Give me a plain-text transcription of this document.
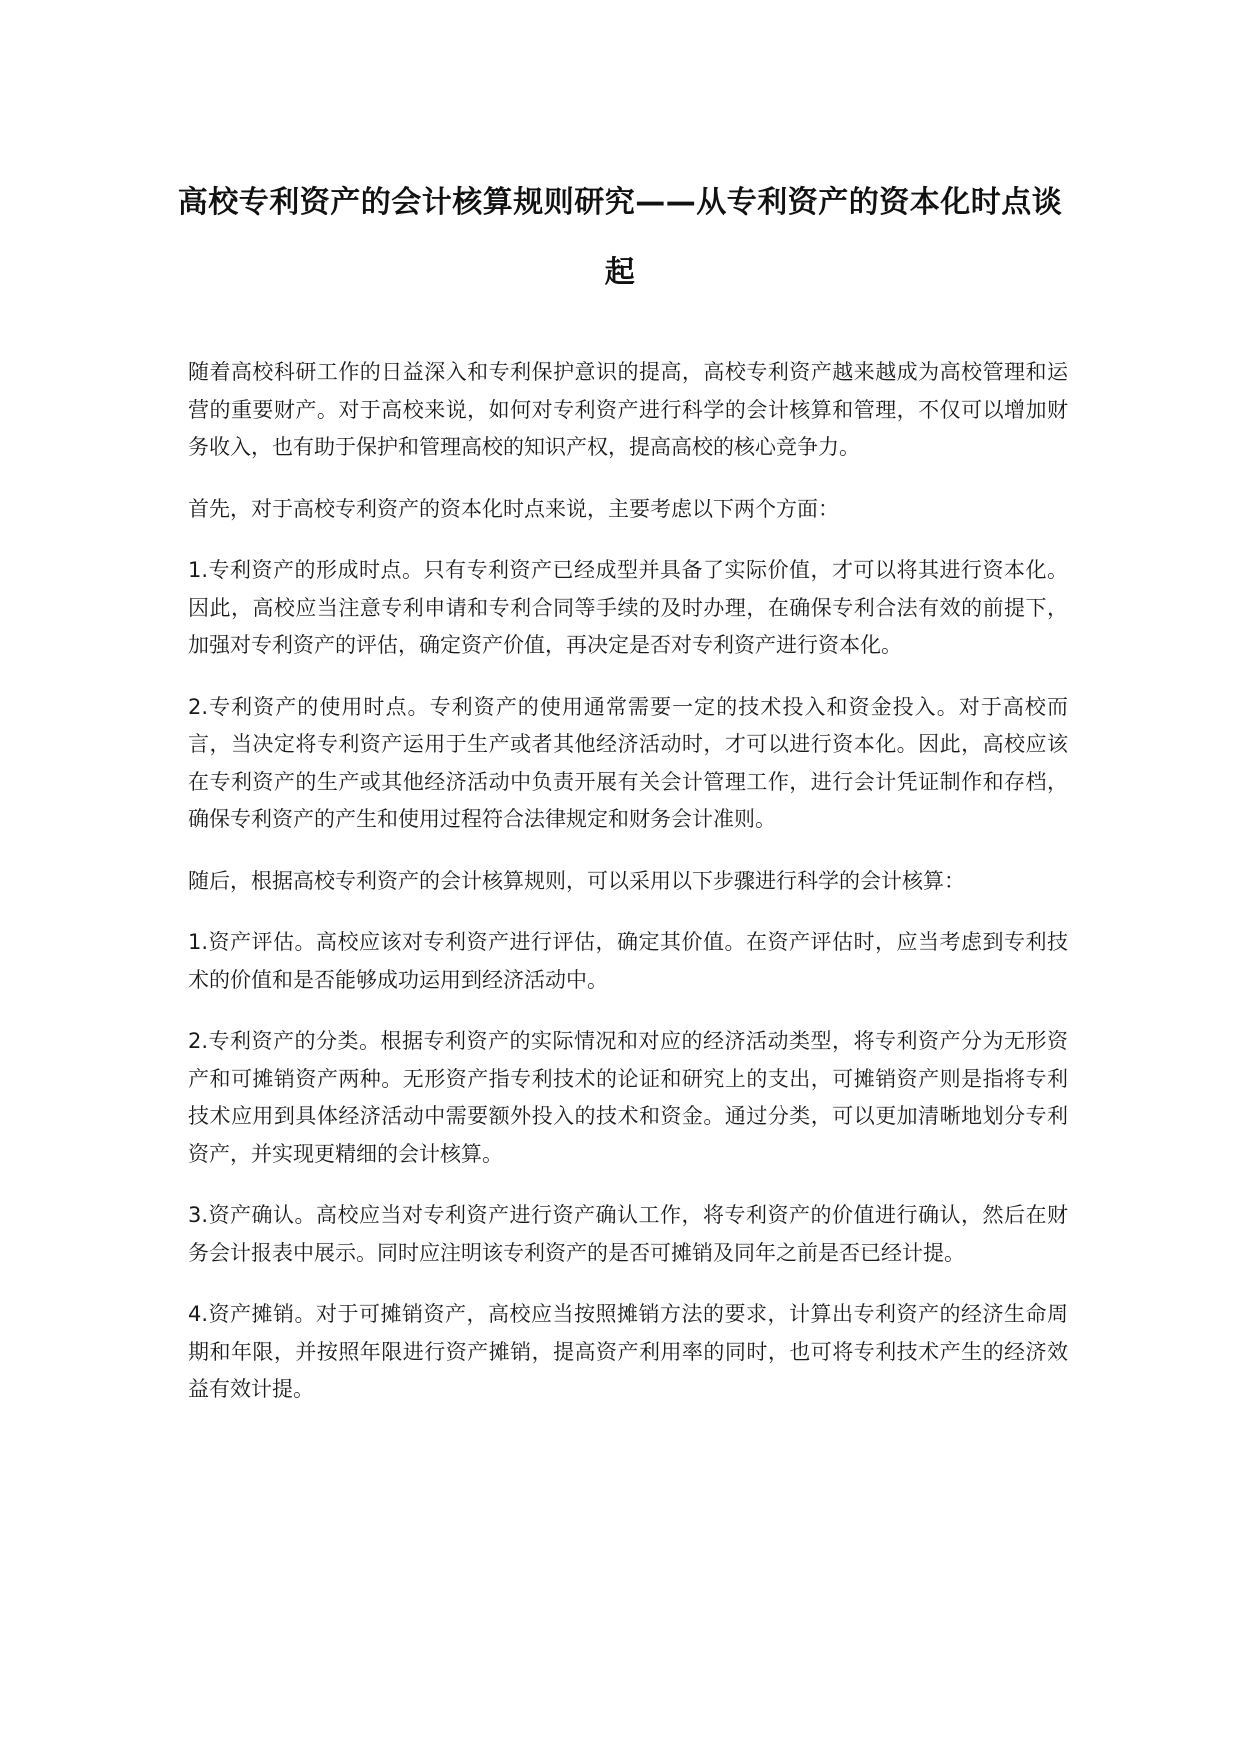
高校专利资产的会计核算规则研究——从专利资产的资本化时点谈起

随着高校科研工作的日益深入和专利保护意识的提高，高校专利资产越来越成为高校管理和运营的重要财产。对于高校来说，如何对专利资产进行科学的会计核算和管理，不仅可以增加财务收入，也有助于保护和管理高校的知识产权，提高高校的核心竞争力。

首先，对于高校专利资产的资本化时点来说，主要考虑以下两个方面：

1.专利资产的形成时点。只有专利资产已经成型并具备了实际价值，才可以将其进行资本化。因此，高校应当注意专利申请和专利合同等手续的及时办理，在确保专利合法有效的前提下，加强对专利资产的评估，确定资产价值，再决定是否对专利资产进行资本化。

2.专利资产的使用时点。专利资产的使用通常需要一定的技术投入和资金投入。对于高校而言，当决定将专利资产运用于生产或者其他经济活动时，才可以进行资本化。因此，高校应该在专利资产的生产或其他经济活动中负责开展有关会计管理工作，进行会计凭证制作和存档，确保专利资产的产生和使用过程符合法律规定和财务会计准则。

随后，根据高校专利资产的会计核算规则，可以采用以下步骤进行科学的会计核算：

1.资产评估。高校应该对专利资产进行评估，确定其价值。在资产评估时，应当考虑到专利技术的价值和是否能够成功运用到经济活动中。

2.专利资产的分类。根据专利资产的实际情况和对应的经济活动类型，将专利资产分为无形资产和可摊销资产两种。无形资产指专利技术的论证和研究上的支出，可摊销资产则是指将专利技术应用到具体经济活动中需要额外投入的技术和资金。通过分类，可以更加清晰地划分专利资产，并实现更精细的会计核算。

3.资产确认。高校应当对专利资产进行资产确认工作，将专利资产的价值进行确认，然后在财务会计报表中展示。同时应注明该专利资产的是否可摊销及同年之前是否已经计提。

4.资产摊销。对于可摊销资产，高校应当按照摊销方法的要求，计算出专利资产的经济生命周期和年限，并按照年限进行资产摊销，提高资产利用率的同时，也可将专利技术产生的经济效益有效计提。
